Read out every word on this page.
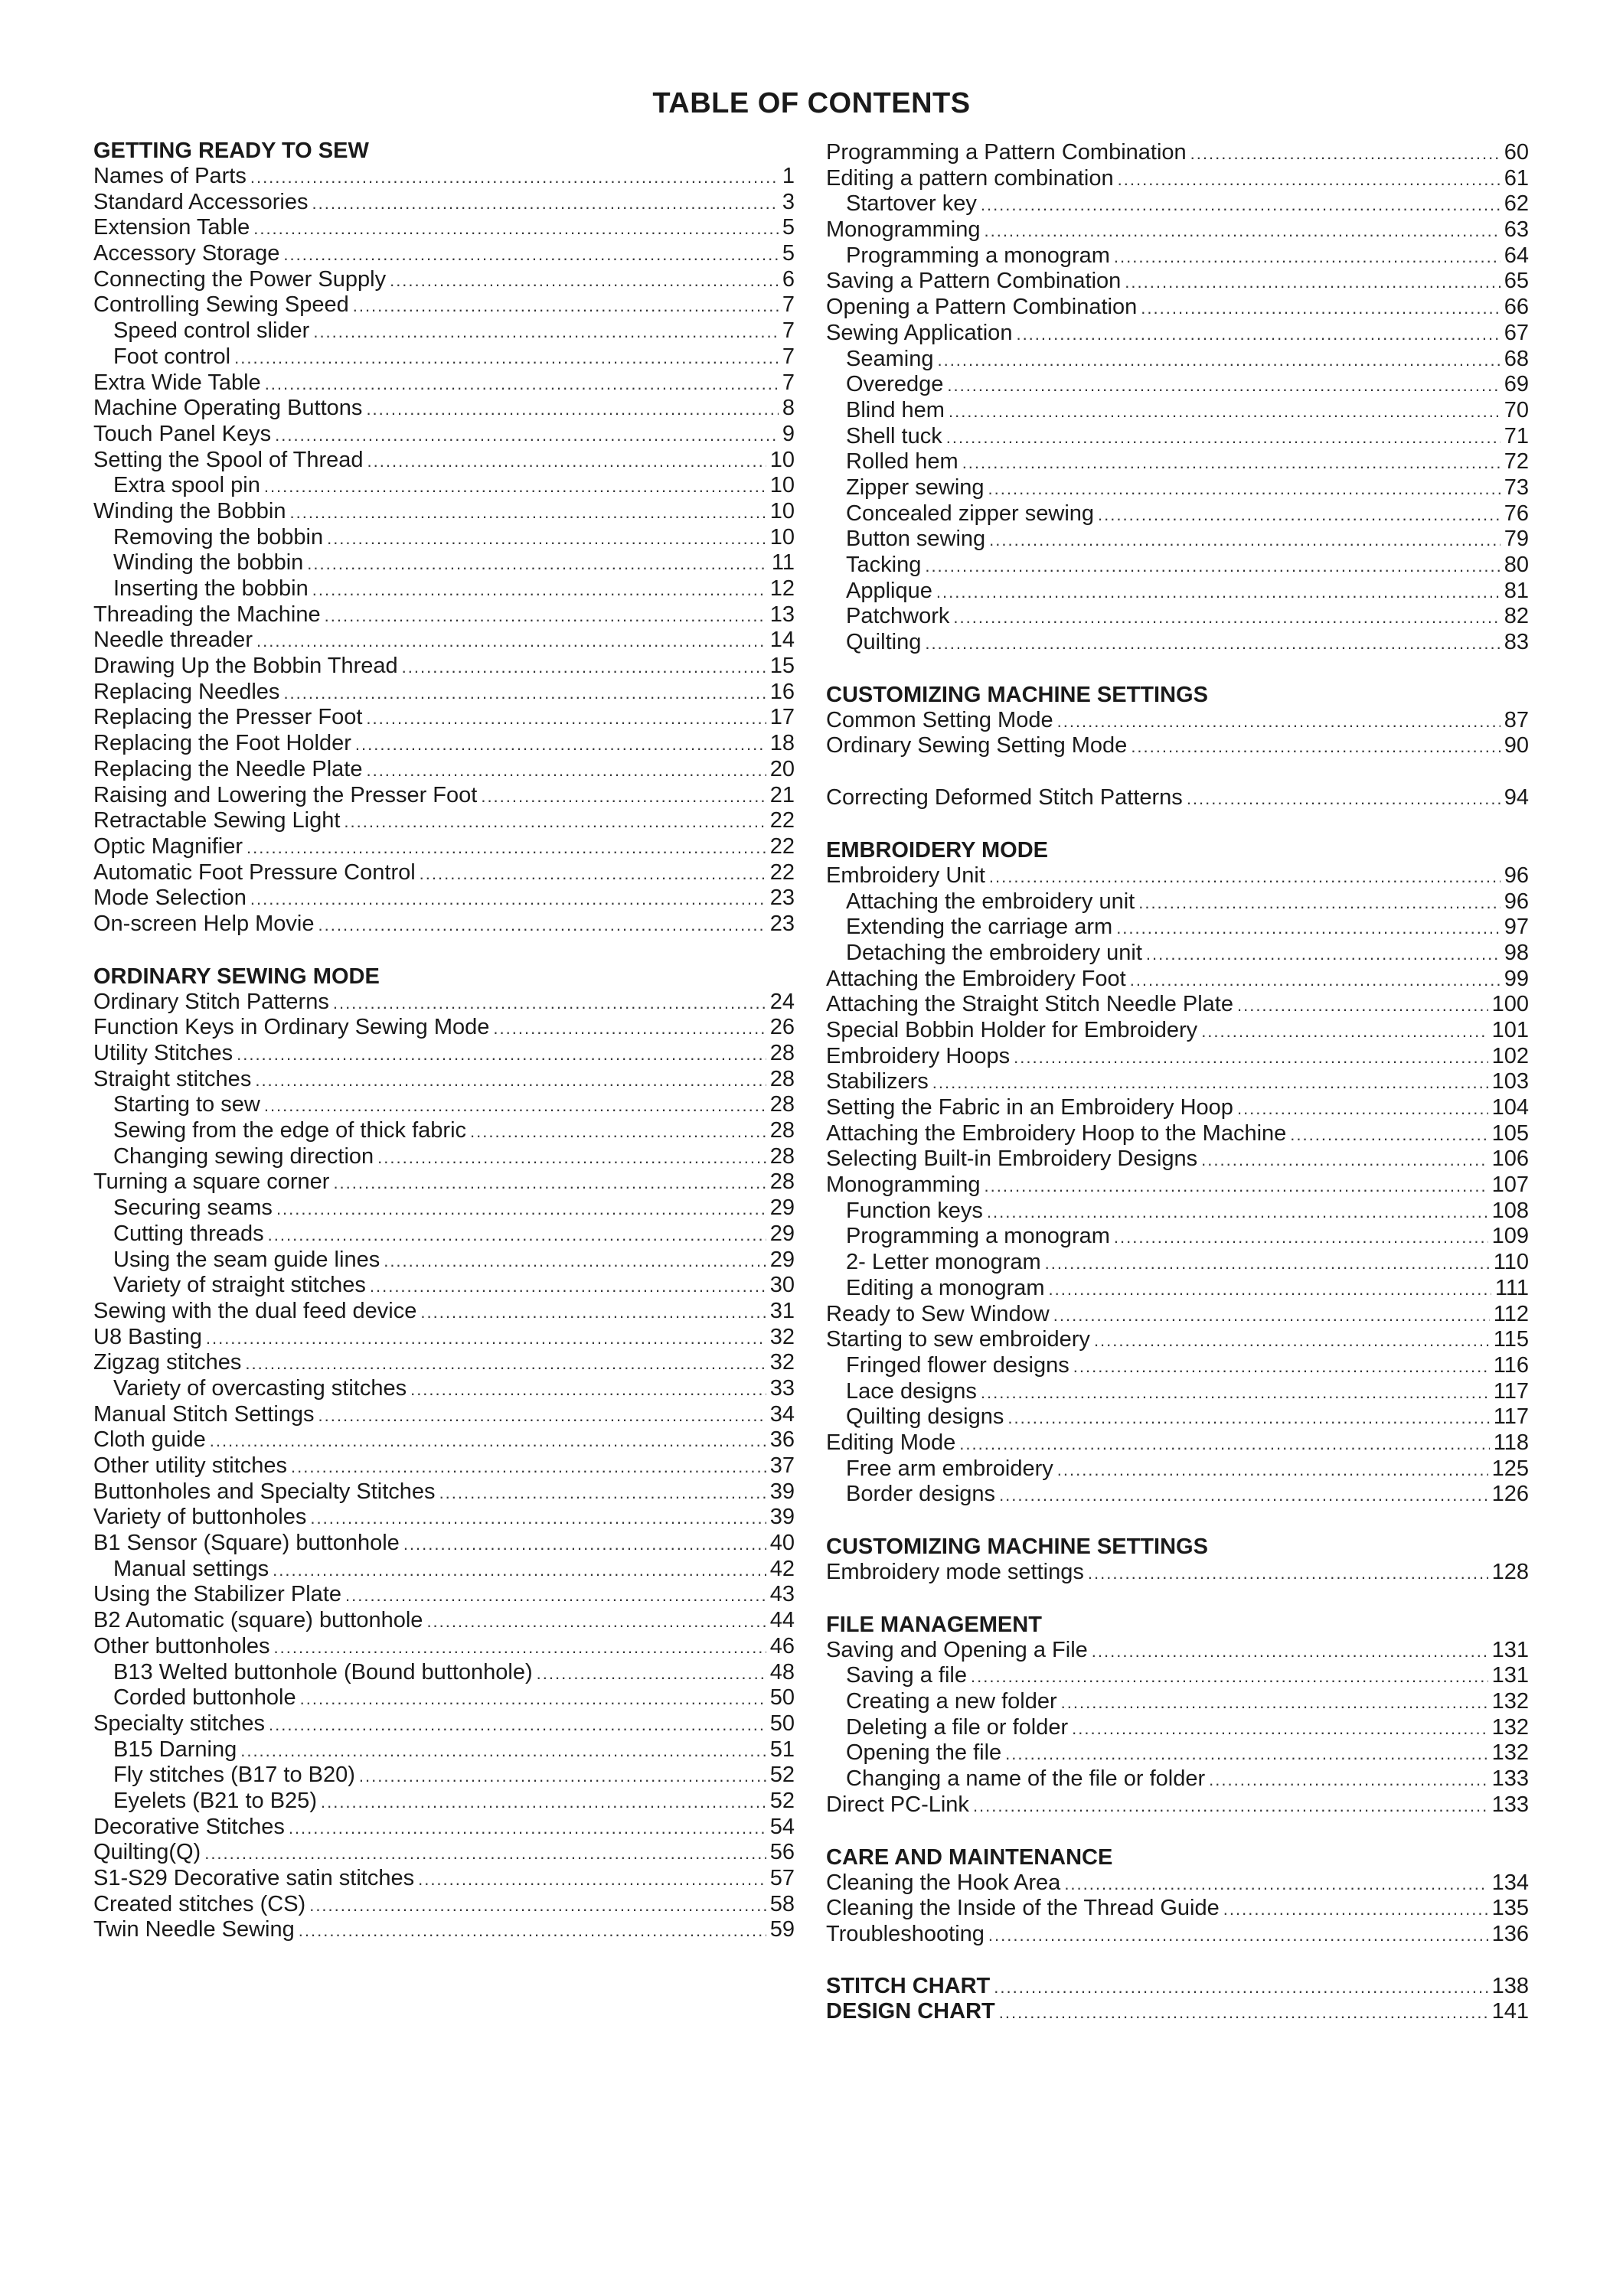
TABLE OF CONTENTS
GETTING READY TO SEW
Names of Parts .....	1
Standard Accessories .....	3
Extension Table .....	5
Accessory Storage .....	5
Connecting the Power Supply .....	6
Controlling Sewing Speed .....	7
Speed control slider .....	7
Foot control .....	7
Extra Wide Table .....	7
Machine Operating Buttons .....	8
Touch Panel Keys .....	9
Setting the Spool of Thread .....	10
Extra spool pin .....	10
Winding the Bobbin .....	10
Removing the bobbin .....	10
Winding the bobbin .....	11
Inserting the bobbin .....	12
Threading the Machine .....	13
Needle threader .....	14
Drawing Up the Bobbin Thread .....	15
Replacing Needles .....	16
Replacing the Presser Foot .....	17
Replacing the Foot Holder .....	18
Replacing the Needle Plate .....	20
Raising and Lowering the Presser Foot .....	21
Retractable Sewing Light .....	22
Optic Magnifier .....	22
Automatic Foot Pressure Control .....	22
Mode Selection .....	23
On-screen Help Movie .....	23
ORDINARY SEWING MODE
Ordinary Stitch Patterns .....	24
Function Keys in Ordinary Sewing Mode .....	26
Utility Stitches .....	28
Straight stitches .....	28
Starting to sew .....	28
Sewing from the edge of thick fabric .....	28
Changing sewing direction .....	28
Turning a square corner .....	28
Securing seams .....	29
Cutting threads .....	29
Using the seam guide lines .....	29
Variety of straight stitches .....	30
Sewing with the dual feed device .....	31
U8 Basting .....	32
Zigzag stitches .....	32
Variety of overcasting stitches .....	33
Manual Stitch Settings .....	34
Cloth guide .....	36
Other utility stitches .....	37
Buttonholes and Specialty Stitches .....	39
Variety of buttonholes .....	39
B1 Sensor (Square) buttonhole .....	40
Manual settings .....	42
Using the Stabilizer Plate .....	43
B2 Automatic (square) buttonhole .....	44
Other buttonholes .....	46
B13 Welted buttonhole (Bound buttonhole) .....	48
Corded buttonhole .....	50
Specialty stitches .....	50
B15 Darning .....	51
Fly stitches (B17 to B20) .....	52
Eyelets (B21 to B25) .....	52
Decorative Stitches .....	54
Quilting(Q) .....	56
S1-S29 Decorative satin stitches .....	57
Created stitches (CS) .....	58
Twin Needle Sewing .....	59
Programming a Pattern Combination .....	60
Editing a pattern combination .....	61
Startover key .....	62
Monogramming .....	63
Programming a monogram .....	64
Saving a Pattern Combination .....	65
Opening a Pattern Combination .....	66
Sewing Application .....	67
Seaming .....	68
Overedge .....	69
Blind hem .....	70
Shell tuck .....	71
Rolled hem .....	72
Zipper sewing .....	73
Concealed zipper sewing .....	76
Button sewing .....	79
Tacking .....	80
Applique .....	81
Patchwork .....	82
Quilting .....	83
CUSTOMIZING MACHINE SETTINGS
Common Setting Mode .....	87
Ordinary Sewing Setting Mode .....	90
Correcting Deformed Stitch Patterns .....	94
EMBROIDERY MODE
Embroidery Unit .....	96
Attaching the embroidery unit .....	96
Extending the carriage arm .....	97
Detaching the embroidery unit .....	98
Attaching the Embroidery Foot .....	99
Attaching the Straight Stitch Needle Plate .....	100
Special Bobbin Holder for Embroidery .....	101
Embroidery Hoops .....	102
Stabilizers .....	103
Setting the Fabric in an Embroidery Hoop .....	104
Attaching the Embroidery Hoop to the Machine .....	105
Selecting Built-in Embroidery Designs .....	106
Monogramming .....	107
Function keys .....	108
Programming a monogram .....	109
2- Letter monogram .....	110
Editing a monogram .....	111
Ready to Sew Window .....	112
Starting to sew embroidery .....	115
Fringed flower designs .....	116
Lace designs .....	117
Quilting designs .....	117
Editing Mode .....	118
Free arm embroidery .....	125
Border designs .....	126
CUSTOMIZING MACHINE SETTINGS
Embroidery mode settings .....	128
FILE MANAGEMENT
Saving and Opening a File .....	131
Saving a file .....	131
Creating a new folder .....	132
Deleting a file or folder .....	132
Opening the file .....	132
Changing a name of the file or folder .....	133
Direct PC-Link .....	133
CARE AND MAINTENANCE
Cleaning the Hook Area .....	134
Cleaning the Inside of the Thread Guide .....	135
Troubleshooting .....	136
STITCH CHART .....	138
DESIGN CHART .....	141
